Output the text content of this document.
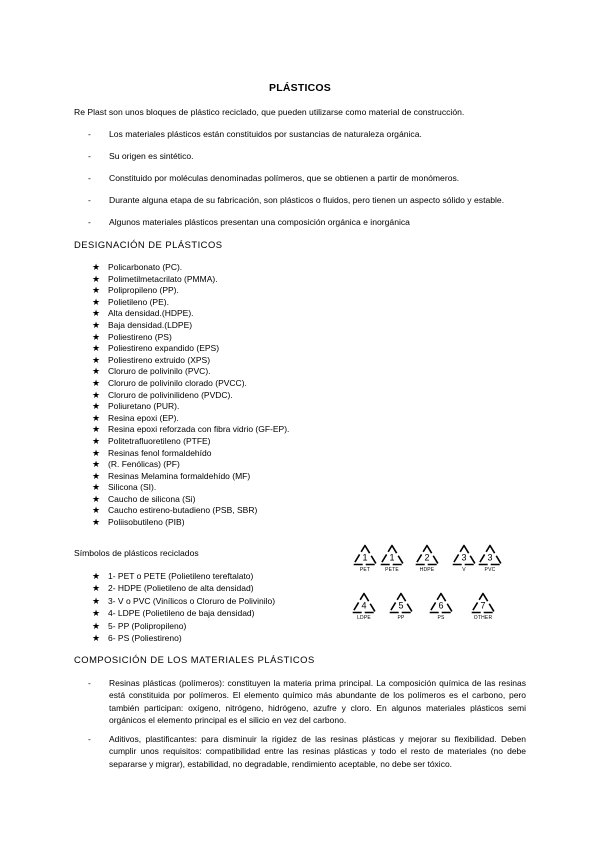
PLÁSTICOS
Re Plast son unos bloques de plástico reciclado, que pueden utilizarse como material de construcción.
- Los materiales plásticos están constituidos por sustancias de naturaleza orgánica.
- Su origen es sintético.
- Constituido por moléculas denominadas polímeros, que se obtienen a partir de monómeros.
- Durante alguna etapa de su fabricación, son plásticos o fluidos, pero tienen un aspecto sólido y estable.
- Algunos materiales plásticos presentan una composición orgánica e inorgánica
DESIGNACIÓN DE PLÁSTICOS
★ Policarbonato (PC).
★ Polimetilmetacrilato (PMMA).
★ Polipropileno (PP).
★ Polietileno (PE).
★ Alta densidad.(HDPE).
★ Baja densidad.(LDPE)
★ Poliestireno (PS)
★ Poliestireno expandido (EPS)
★ Poliestireno extruido (XPS)
★ Cloruro de polivinilo (PVC).
★ Cloruro de polivinilo clorado (PVCC).
★ Cloruro de polivinilideno (PVDC).
★ Poliuretano (PUR).
★ Resina epoxi (EP).
★ Resina epoxi reforzada con fibra vidrio (GF-EP).
★ Politetrafluoretileno (PTFE)
★ Resinas fenol formaldehído
★ (R. Fenólicas) (PF)
★ Resinas Melamina formaldehído (MF)
★ Silicona (SI).
★ Caucho de silicona (Si)
★ Caucho estireno-butadieno (PSB, SBR)
★ Poliisobutileno (PIB)
Símbolos de plásticos reciclados
★ 1- PET o PETE (Polietileno tereftalato)
★ 2- HDPE (Polietileno de alta densidad)
★ 3- V o PVC (Vinílicos o Cloruro de Polivinilo)
★ 4- LDPE (Polietileno de baja densidad)
★ 5- PP (Polipropileno)
★ 6- PS (Poliestireno)
1
PET
1
PETE
2
HDPE
3
V
3
PVC
4
LDPE
5
PP
6
PS
7
OTHER
COMPOSICIÓN DE LOS MATERIALES PLÁSTICOS
- Resinas plásticas (polímeros): constituyen la materia prima principal. La composición química de las resinas está constituida por polímeros. El elemento químico más abundante de los polímeros es el carbono, pero también participan: oxígeno, nitrógeno, hidrógeno, azufre y cloro. En algunos materiales plásticos semi orgánicos el elemento principal es el silicio en vez del carbono.
- Aditivos, plastificantes: para disminuir la rigidez de las resinas plásticas y mejorar su flexibilidad. Deben cumplir unos requisitos: compatibilidad entre las resinas plásticas y todo el resto de materiales (no debe separarse y migrar), estabilidad, no degradable, rendimiento aceptable, no debe ser tóxico.
